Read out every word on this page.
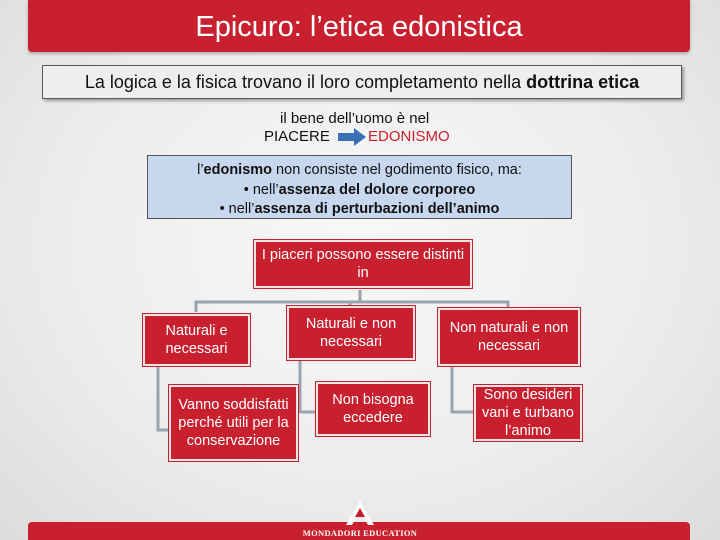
Epicuro: l’etica edonistica
La logica e la fisica trovano il loro completamento nella dottrina etica
il bene dell’uomo è nel
PIACERE	EDONISMO
l’edonismo non consiste nel godimento fisico, ma:
• nell’assenza del dolore corporeo
• nell’assenza di perturbazioni dell’animo
I piaceri possono essere distinti in
Naturali e necessari
Naturali e non necessari
Non naturali e non necessari
Vanno soddisfatti perché utili per la conservazione
Non bisogna eccedere
Sono desideri vani e turbano l’animo
MONDADORI EDUCATION
